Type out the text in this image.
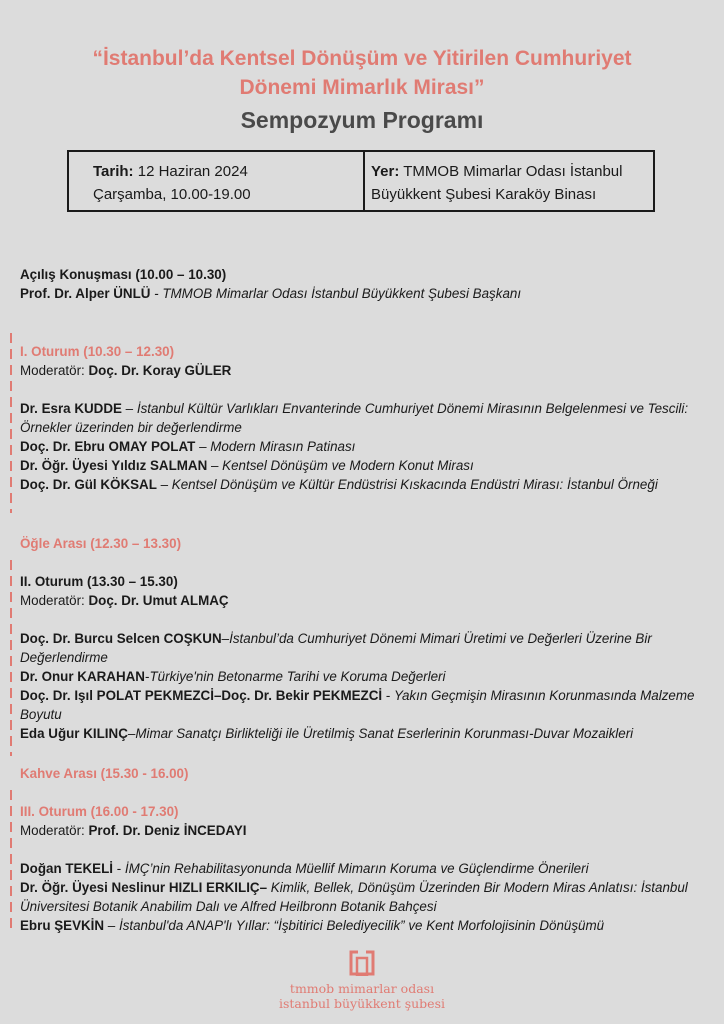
“İstanbul’da Kentsel Dönüşüm ve Yitirilen Cumhuriyet
Dönemi Mimarlık Mirası”
Sempozyum Programı
Tarih: 12 Haziran 2024
Çarşamba, 10.00-19.00
Yer: TMMOB Mimarlar Odası İstanbul
Büyükkent Şubesi Karaköy Binası
Açılış Konuşması (10.00 – 10.30)
Prof. Dr. Alper ÜNLÜ - TMMOB Mimarlar Odası İstanbul Büyükkent Şubesi Başkanı
I. Oturum (10.30 – 12.30)
Moderatör: Doç. Dr. Koray GÜLER
Dr. Esra KUDDE – İstanbul Kültür Varlıkları Envanterinde Cumhuriyet Dönemi Mirasının Belgelenmesi ve Tescili: Örnekler üzerinden bir değerlendirme
Doç. Dr. Ebru OMAY POLAT – Modern Mirasın Patinası
Dr. Öğr. Üyesi Yıldız SALMAN – Kentsel Dönüşüm ve Modern Konut Mirası
Doç. Dr. Gül KÖKSAL – Kentsel Dönüşüm ve Kültür Endüstrisi Kıskacında Endüstri Mirası: İstanbul Örneği
Öğle Arası (12.30 – 13.30)
II. Oturum (13.30 – 15.30)
Moderatör: Doç. Dr. Umut ALMAÇ
Doç. Dr. Burcu Selcen COŞKUN–İstanbul’da Cumhuriyet Dönemi Mimari Üretimi ve Değerleri Üzerine Bir Değerlendirme
Dr. Onur KARAHAN-Türkiye'nin Betonarme Tarihi ve Koruma Değerleri
Doç. Dr. Işıl POLAT PEKMEZCİ–Doç. Dr. Bekir PEKMEZCİ - Yakın Geçmişin Mirasının Korunmasında Malzeme Boyutu
Eda Uğur KILINÇ–Mimar Sanatçı Birlikteliği ile Üretilmiş Sanat Eserlerinin Korunması-Duvar Mozaikleri
Kahve Arası (15.30 - 16.00)
III. Oturum (16.00 - 17.30)
Moderatör: Prof. Dr. Deniz İNCEDAYI
Doğan TEKELİ - İMÇ’nin Rehabilitasyonunda Müellif Mimarın Koruma ve Güçlendirme Önerileri
Dr. Öğr. Üyesi Neslinur HIZLI ERKILIÇ– Kimlik, Bellek, Dönüşüm Üzerinden Bir Modern Miras Anlatısı: İstanbul Üniversitesi Botanik Anabilim Dalı ve Alfred Heilbronn Botanik Bahçesi
Ebru ŞEVKİN – İstanbul'da ANAP'lı Yıllar: “İşbitirici Belediyecilik” ve Kent Morfolojisinin Dönüşümü
tmmob mimarlar odası
istanbul büyükkent şubesi
